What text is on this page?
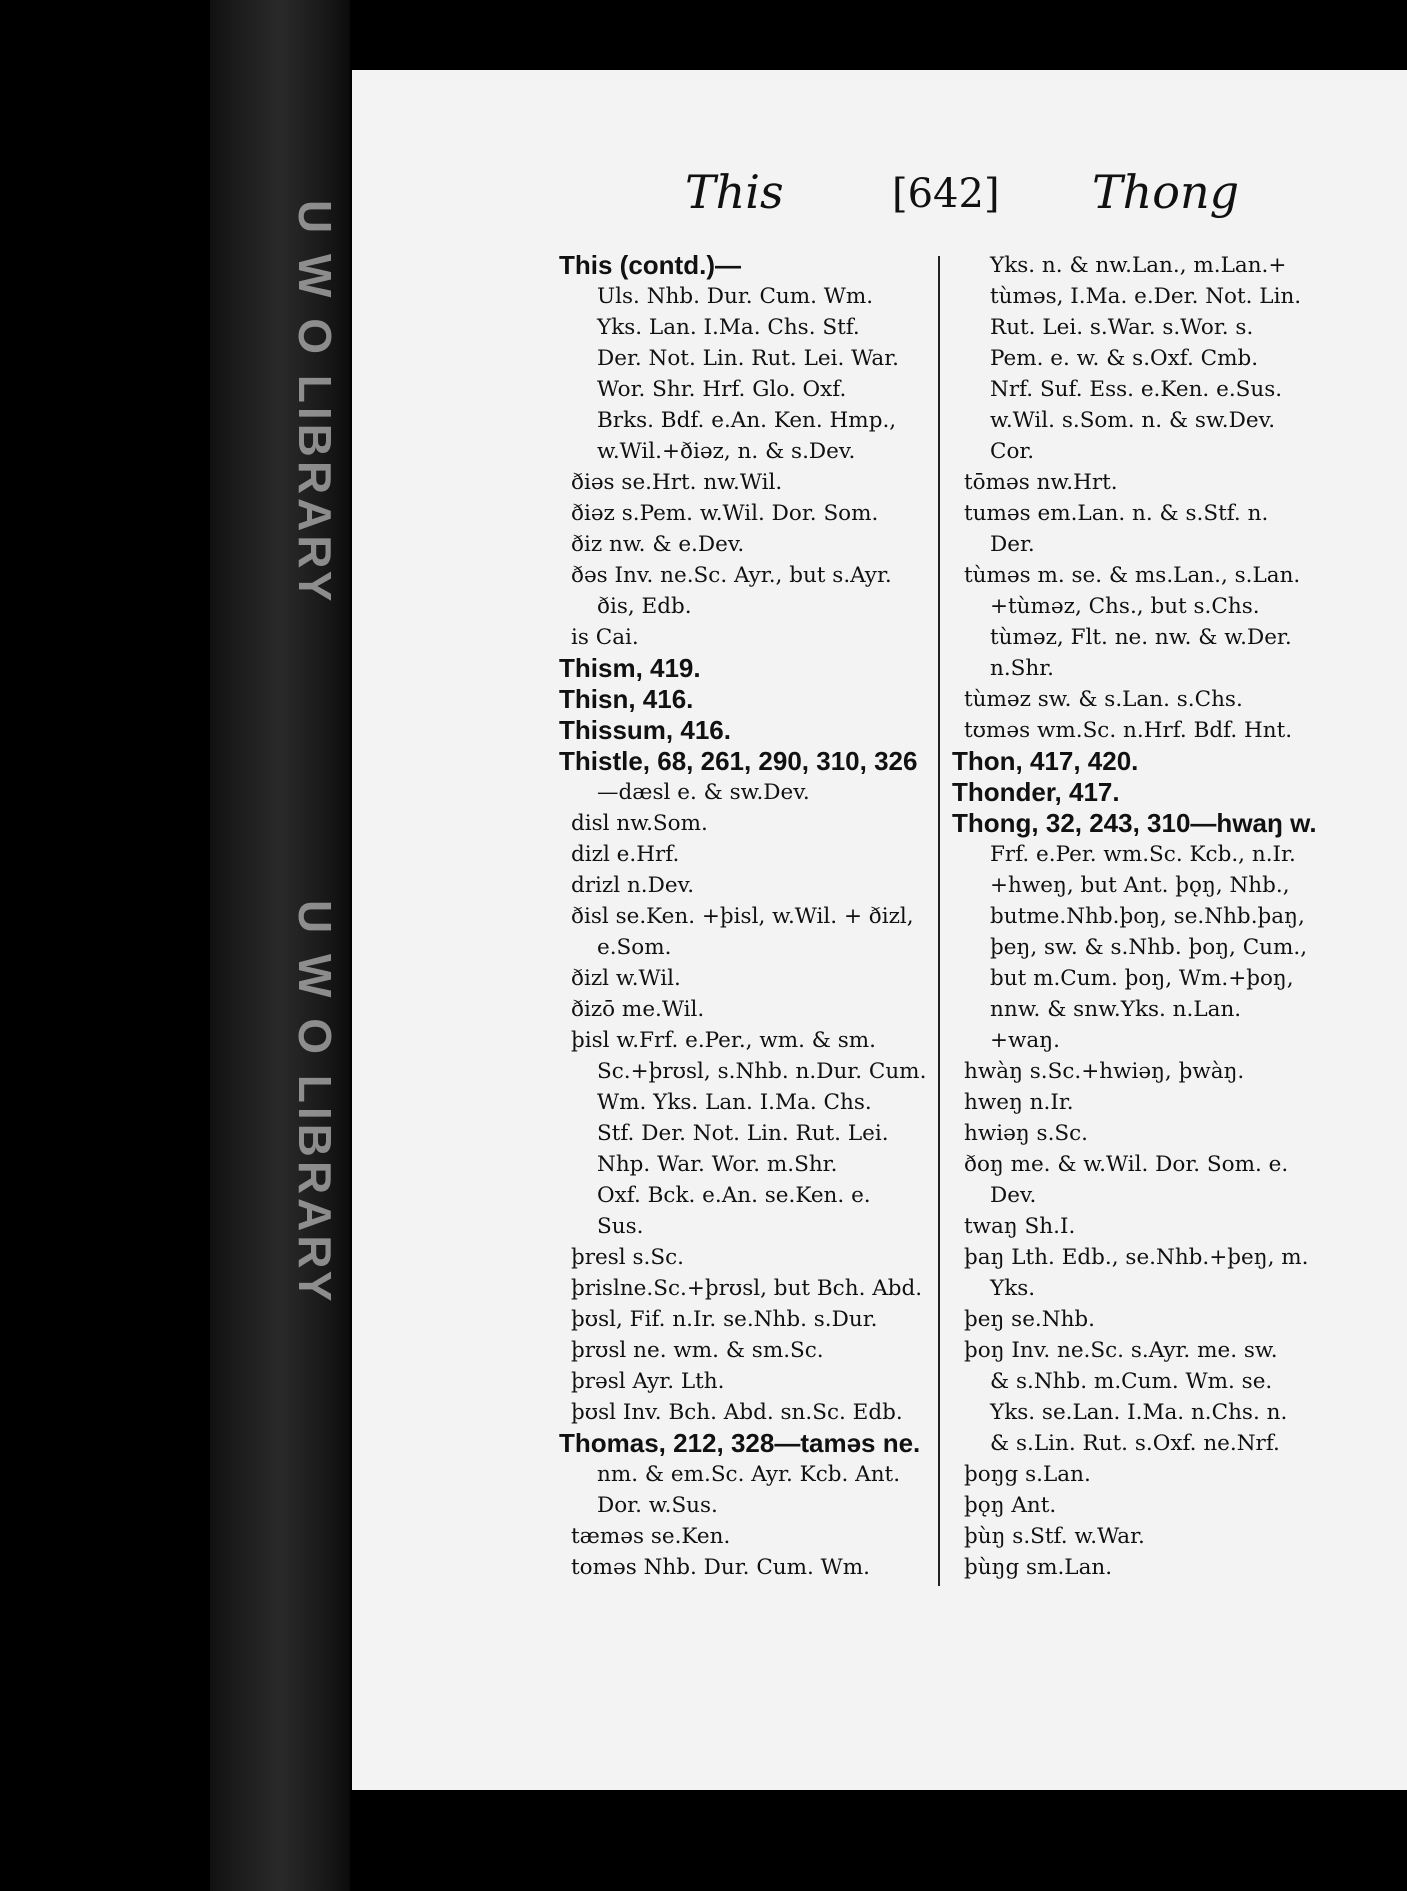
U W O LIBRARY
U W O LIBRARY
This	[642] Thong
This (contd.)—
Uls. Nhb. Dur. Cum. Wm.
Yks. Lan. I.Ma. Chs. Stf.
Der. Not. Lin. Rut. Lei. War.
Wor. Shr. Hrf. Glo. Oxf.
Brks. Bdf. e.An. Ken. Hmp.,
w.Wil.+ðiəz, n. & s.Dev.
ðiəs se.Hrt. nw.Wil.
ðiəz s.Pem. w.Wil. Dor. Som.
ðiz nw. & e.Dev.
ðəs Inv. ne.Sc. Ayr., but s.Ayr.
ðis, Edb.
is Cai.
Thism, 419.
Thisn, 416.
Thissum, 416.
Thistle, 68, 261, 290, 310, 326
—dæsl e. & sw.Dev.
disl nw.Som.
dizl e.Hrf.
drizl n.Dev.
ðisl se.Ken. +þisl, w.Wil. + ðizl,
e.Som.
ðizl w.Wil.
ðizō me.Wil.
þisl w.Frf. e.Per., wm. & sm.
Sc.+þrʊsl, s.Nhb. n.Dur. Cum.
Wm. Yks. Lan. I.Ma. Chs.
Stf. Der. Not. Lin. Rut. Lei.
Nhp. War. Wor. m.Shr.
Oxf. Bck. e.An. se.Ken. e.
Sus.
þresl s.Sc.
þrislne.Sc.+þrʊsl, but Bch. Abd.
þʊsl, Fif. n.Ir. se.Nhb. s.Dur.
þrʊsl ne. wm. & sm.Sc.
þrəsl Ayr. Lth.
þʊsl Inv. Bch. Abd. sn.Sc. Edb.
Thomas, 212, 328—taməs ne.
nm. & em.Sc. Ayr. Kcb. Ant.
Dor. w.Sus.
tæməs se.Ken.
toməs Nhb. Dur. Cum. Wm.
Yks. n. & nw.Lan., m.Lan.+
tùməs, I.Ma. e.Der. Not. Lin.
Rut. Lei. s.War. s.Wor. s.
Pem. e. w. & s.Oxf. Cmb.
Nrf. Suf. Ess. e.Ken. e.Sus.
w.Wil. s.Som. n. & sw.Dev.
Cor.
tōməs nw.Hrt.
tuməs em.Lan. n. & s.Stf. n.
Der.
tùməs m. se. & ms.Lan., s.Lan.
+tùməz, Chs., but s.Chs.
tùməz, Flt. ne. nw. & w.Der.
n.Shr.
tùməz sw. & s.Lan. s.Chs.
tʊməs wm.Sc. n.Hrf. Bdf. Hnt.
Thon, 417, 420.
Thonder, 417.
Thong, 32, 243, 310—hwaŋ w.
Frf. e.Per. wm.Sc. Kcb., n.Ir.
+hweŋ, but Ant. þǫŋ, Nhb.,
butme.Nhb.þoŋ, se.Nhb.þaŋ,
þeŋ, sw. & s.Nhb. þoŋ, Cum.,
but m.Cum. þoŋ, Wm.+þoŋ,
nnw. & snw.Yks. n.Lan.
+waŋ.
hwàŋ s.Sc.+hwiəŋ, þwàŋ.
hweŋ n.Ir.
hwiəŋ s.Sc.
ðoŋ me. & w.Wil. Dor. Som. e.
Dev.
twaŋ Sh.I.
þaŋ Lth. Edb., se.Nhb.+þeŋ, m.
Yks.
þeŋ se.Nhb.
þoŋ Inv. ne.Sc. s.Ayr. me. sw.
& s.Nhb. m.Cum. Wm. se.
Yks. se.Lan. I.Ma. n.Chs. n.
& s.Lin. Rut. s.Oxf. ne.Nrf.
þoŋg s.Lan.
þǫŋ Ant.
þùŋ s.Stf. w.War.
þùŋg sm.Lan.
